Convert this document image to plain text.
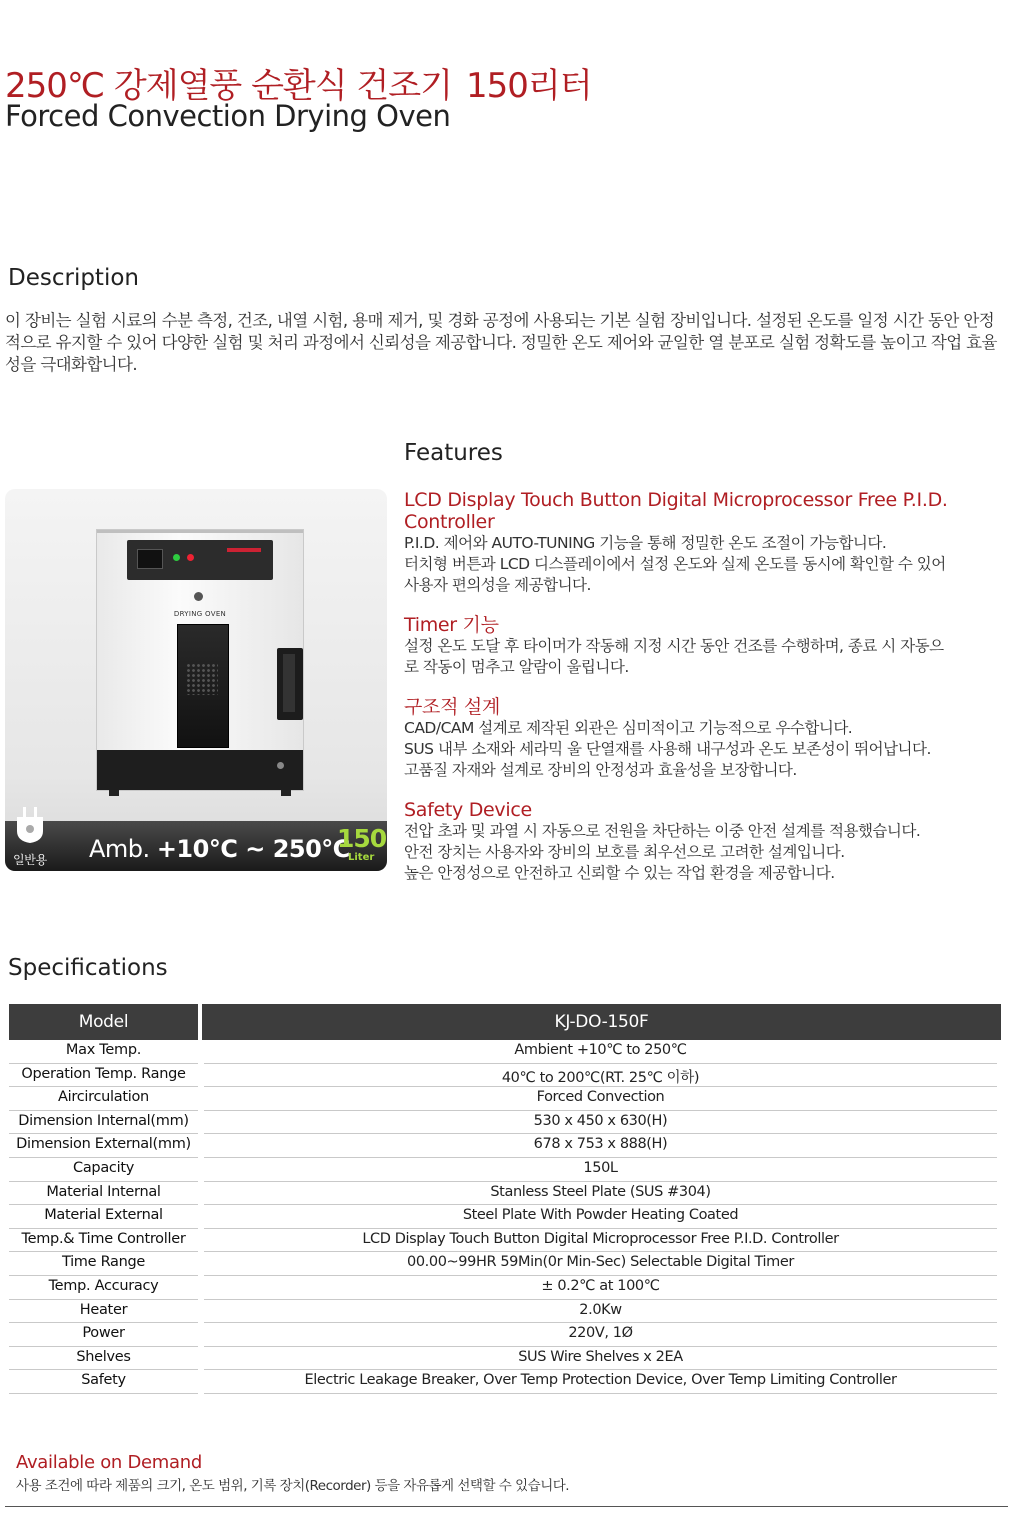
250℃ 강제열풍 순환식 건조기 150리터
Forced Convection Drying Oven
Description
이 장비는 실험 시료의 수분 측정, 건조, 내열 시험, 용매 제거, 및 경화 공정에 사용되는 기본 실험 장비입니다. 설정된 온도를 일정 시간 동안 안정적으로 유지할 수 있어 다양한 실험 및 처리 과정에서 신뢰성을 제공합니다. 정밀한 온도 제어와 균일한 열 분포로 실험 정확도를 높이고 작업 효율성을 극대화합니다.
DRYING OVEN
일반용 Amb. +10℃ ~ 250℃
150
Liter
Features
LCD Display Touch Button Digital Microprocessor Free P.I.D. Controller
P.I.D. 제어와 AUTO-TUNING 기능을 통해 정밀한 온도 조절이 가능합니다.
터치형 버튼과 LCD 디스플레이에서 설정 온도와 실제 온도를 동시에 확인할 수 있어
사용자 편의성을 제공합니다.
Timer 기능
설정 온도 도달 후 타이머가 작동해 지정 시간 동안 건조를 수행하며, 종료 시 자동으
로 작동이 멈추고 알람이 울립니다.
구조적 설계
CAD/CAM 설계로 제작된 외관은 심미적이고 기능적으로 우수합니다.
SUS 내부 소재와 세라믹 울 단열재를 사용해 내구성과 온도 보존성이 뛰어납니다.
고품질 자재와 설계로 장비의 안정성과 효율성을 보장합니다.
Safety Device
전압 초과 및 과열 시 자동으로 전원을 차단하는 이중 안전 설계를 적용했습니다.
안전 장치는 사용자와 장비의 보호를 최우선으로 고려한 설계입니다.
높은 안정성으로 안전하고 신뢰할 수 있는 작업 환경을 제공합니다.
Specifications
Model	KJ-DO-150F
Max Temp.	Ambient +10℃ to 250℃
Operation Temp. Range	40℃ to 200℃(RT. 25℃ 이하)
Aircirculation	Forced Convection
Dimension Internal(mm)	530 x 450 x 630(H)
Dimension External(mm)	678 x 753 x 888(H)
Capacity	150L
Material Internal	Stanless Steel Plate (SUS #304)
Material External	Steel Plate With Powder Heating Coated
Temp.& Time Controller	LCD Display Touch Button Digital Microprocessor Free P.I.D. Controller
Time Range	00.00~99HR 59Min(0r Min-Sec) Selectable Digital Timer
Temp. Accuracy	± 0.2℃ at 100℃
Heater	2.0Kw
Power	220V, 1Ø
Shelves	SUS Wire Shelves x 2EA
Safety	Electric Leakage Breaker, Over Temp Protection Device, Over Temp Limiting Controller
Available on Demand
사용 조건에 따라 제품의 크기, 온도 범위, 기록 장치(Recorder) 등을 자유롭게 선택할 수 있습니다.
